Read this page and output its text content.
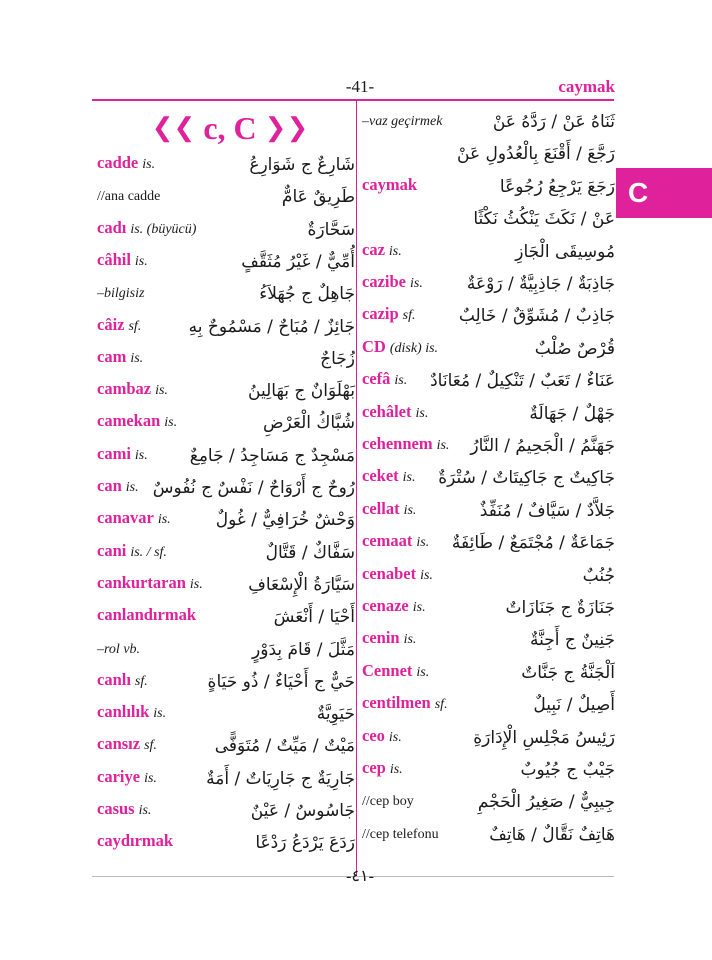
-41-	caymak
C
❮❮ c, C ❯❯
cadde is.	شَارِعٌ ج شَوَارِعُ
//ana cadde	طَرِيقٌ عَامٌّ
cadı is. (büyücü)	سَحَّارَةٌ
câhil is.	أُمِّيٌّ / غَيْرُ مُثَقَّفٍ
–bilgisiz	جَاهِلٌ ج جُهَلاَءُ
câiz sf.	جَائِزٌ / مُبَاحٌ / مَسْمُوحٌ بِهِ
cam is.	زُجَاجٌ
cambaz is.	بَهْلَوَانٌ ج بَهَالِينُ
camekan is.	شُبَّاكُ الْعَرْضِ
cami is. مَسْجِدٌ ج مَسَاجِدُ / جَامِعٌ
can is. رُوحٌ ج أَرْوَاحٌ / نَفْسٌ ج نُفُوسٌ
canavar is.	وَحْشٌ خُرَافِيٌّ / غُولٌ
cani is. / sf.	سَفَّاكٌ / قَتَّالٌ
cankurtaran is.	سَيَّارَةُ الْإِسْعَافِ
canlandırmak	أَحْيَا / أَنْعَشَ
–rol vb.	مَثَّلَ / قَامَ بِدَوْرٍ
canlı sf.	حَيٌّ ج أَحْيَاءٌ / ذُو حَيَاةٍ
canlılık is.	حَيَوِيَّةٌ
cansız sf.	مَيْتٌ / مَيِّتٌ / مُتَوَفًّى
cariye is.	جَارِيَةٌ ج جَارِيَاتٌ / أَمَةٌ
casus is.	جَاسُوسٌ / عَيْنٌ
caydırmak	رَدَعَ يَرْدَعُ رَدْعًا
–vaz geçirmek	ثَنَاهُ عَنْ / رَدَّهُ عَنْ
رَجَّعَ / أَقْنَعَ بِالْعُدُولِ عَنْ
caymak	رَجَعَ يَرْجِعُ رُجُوعًا
عَنْ / نَكَثَ يَنْكُثُ نَكْثًا
caz is.	مُوسِيقَى الْجَازِ
cazibe is.	جَاذِبَةٌ / جَاذِبِيَّةٌ / رَوْعَةٌ
cazip sf.	جَاذِبٌ / مُشَوِّقٌ / خَالِبٌ
CD (disk) is.	قُرْصٌ صُلْبٌ
cefâ is. عَنَاءٌ / تَعَبٌ / تَنْكِيلٌ / مُعَانَادٌ
cehâlet is.	جَهْلٌ / جَهَالَةٌ
cehennem is. جَهَنَّمُ / الْجَحِيمُ / النَّارُ
ceket is. جَاكِيتٌ ج جَاكِيتَاتٌ / سُتْرَةٌ
cellat is.	جَلاَّدٌ / سَيَّافٌ / مُنَفِّذٌ
cemaat is. جَمَاعَةٌ / مُجْتَمَعٌ / طَائِفَةٌ
cenabet is.	جُنُبٌ
cenaze is.	جَنَازَةٌ ج جَنَازَاتٌ
cenin is.	جَنِينٌ ج أَجِنَّةٌ
Cennet is.	اَلْجَنَّةُ ج جَنَّاتٌ
centilmen sf.	أَصِيلٌ / نَبِيلٌ
ceo is.	رَئِيسُ مَجْلِسِ الْإِدَارَةِ
cep is.	جَيْبٌ ج جُيُوبٌ
//cep boy	جِيبِيٌّ / صَغِيرُ الْحَجْمِ
//cep telefonu	هَاتِفٌ نَقَّالٌ / هَاتِفٌ
-٤١-
